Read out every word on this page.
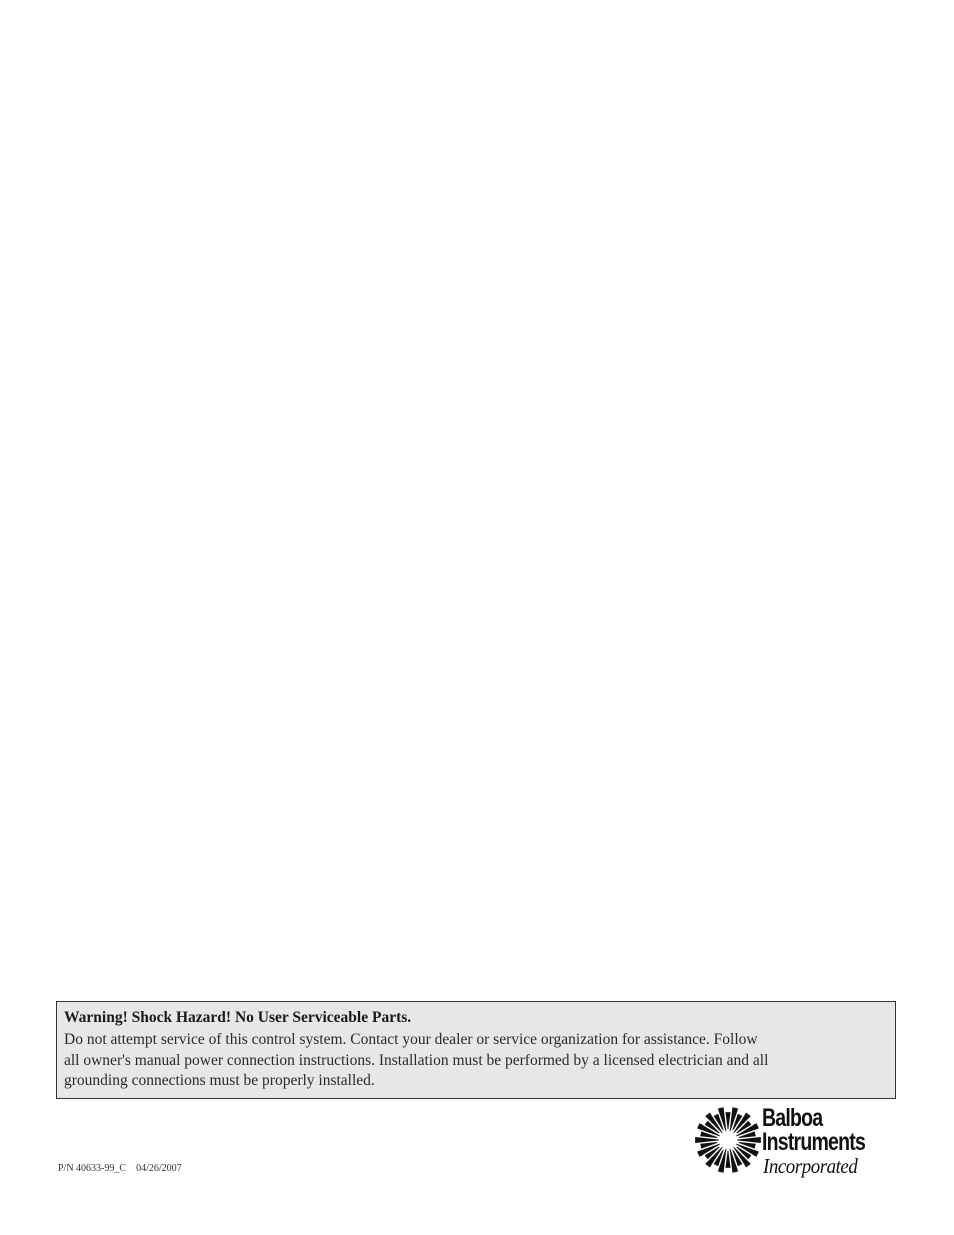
Warning! Shock Hazard! No User Serviceable Parts.

Do not attempt service of this control system. Contact your dealer or service organization for assistance. Follow
all owner's manual power connection instructions. Installation must be performed by a licensed electrician and all
grounding connections must be properly installed.

P/N 40633-99_C 04/26/2007
Balboa
Instruments
Incorporated
